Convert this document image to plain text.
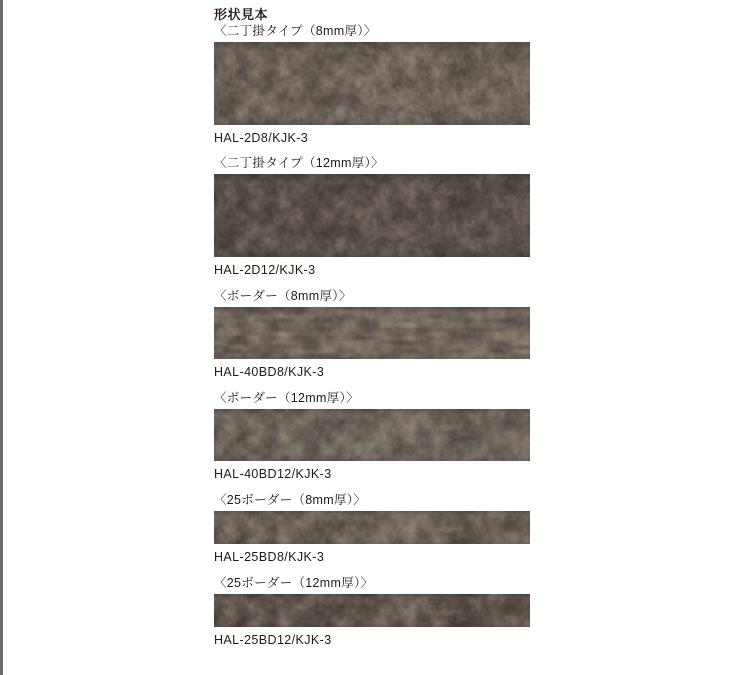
形状見本
〈二丁掛タイプ（8mm厚）〉
HAL-2D8/KJK-3
〈二丁掛タイプ（12mm厚）〉
HAL-2D12/KJK-3
〈ボーダー（8mm厚）〉
HAL-40BD8/KJK-3
〈ボーダー（12mm厚）〉
HAL-40BD12/KJK-3
〈25ボーダー（8mm厚）〉
HAL-25BD8/KJK-3
〈25ボーダー（12mm厚）〉
HAL-25BD12/KJK-3
